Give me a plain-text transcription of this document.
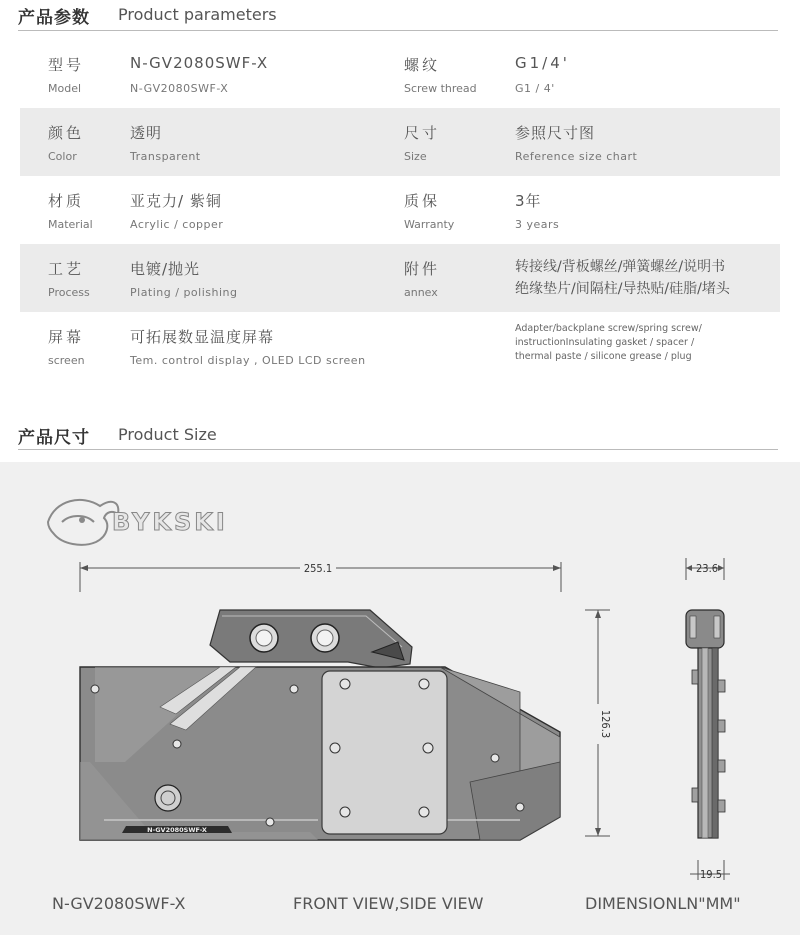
产品参数 Product parameters
型号
Model
N-GV2080SWF-X
N-GV2080SWF-X
螺纹
Screw thread
G1/4'
G1 / 4'
颜色
Color
透明
Transparent
尺寸
Size
参照尺寸图
Reference size chart
材质
Material
亚克力/ 紫铜
Acrylic / copper
质保
Warranty
3年
3 years
工艺
Process
电镀/抛光
Plating / polishing
附件
annex
转接线/背板螺丝/弹簧螺丝/说明书
绝缘垫片/间隔柱/导热贴/硅脂/堵头
屏幕
screen
可拓展数显温度屏幕
Tem. control display , OLED LCD screen
Adapter/backplane screw/spring screw/
instructionInsulating gasket / spacer /
thermal paste / silicone grease / plug
产品尺寸 Product Size
BYKSKI
255.1
126.3
23.6
19.5
N-GV2080SWF-X
N-GV2080SWF-X	FRONT VIEW,SIDE VIEW	DIMENSIONLN"MM"
